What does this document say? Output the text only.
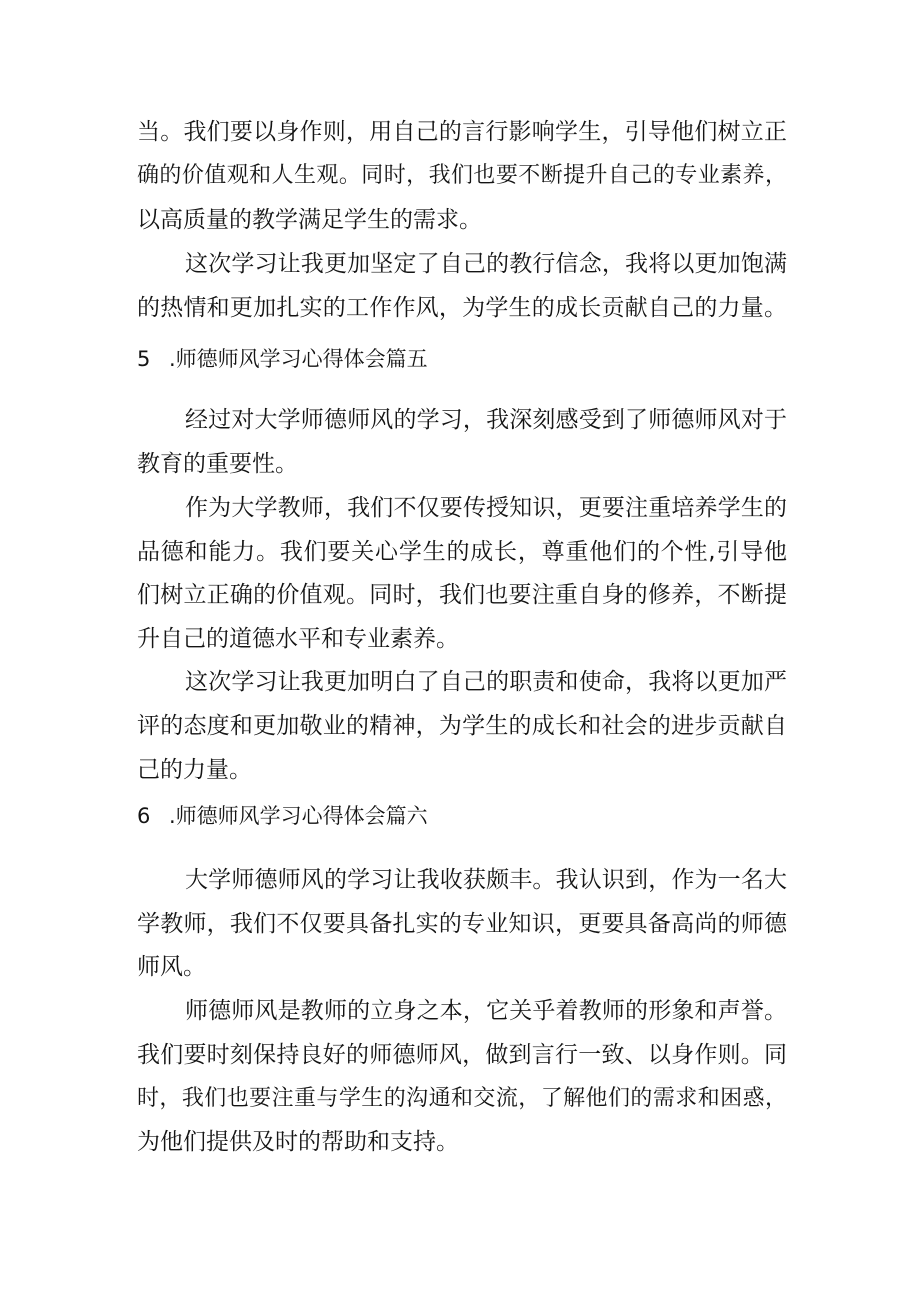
当。我们要以身作则，用自己的言行影响学生，引导他们树立正
确的价值观和人生观。同时，我们也要不断提升自己的专业素养，
以高质量的教学满足学生的需求。
这次学习让我更加坚定了自己的教行信念，我将以更加饱满
的热情和更加扎实的工作作风，为学生的成长贡献自己的力量。
5 .师德师风学习心得体会篇五
经过对大学师德师风的学习，我深刻感受到了师德师风对于
教育的重要性。
作为大学教师，我们不仅要传授知识，更要注重培养学生的
品德和能力。我们要关心学生的成长，尊重他们的个性,引导他
们树立正确的价值观。同时，我们也要注重自身的修养，不断提
升自己的道德水平和专业素养。
这次学习让我更加明白了自己的职责和使命，我将以更加严
评的态度和更加敬业的精神，为学生的成长和社会的进步贡献自
己的力量。
6 .师德师风学习心得体会篇六
大学师德师风的学习让我收获颇丰。我认识到，作为一名大
学教师，我们不仅要具备扎实的专业知识，更要具备高尚的师德
师风。
师德师风是教师的立身之本，它关乎着教师的形象和声誉。
我们要时刻保持良好的师德师风，做到言行一致、以身作则。同
时，我们也要注重与学生的沟通和交流，了解他们的需求和困惑，
为他们提供及时的帮助和支持。
